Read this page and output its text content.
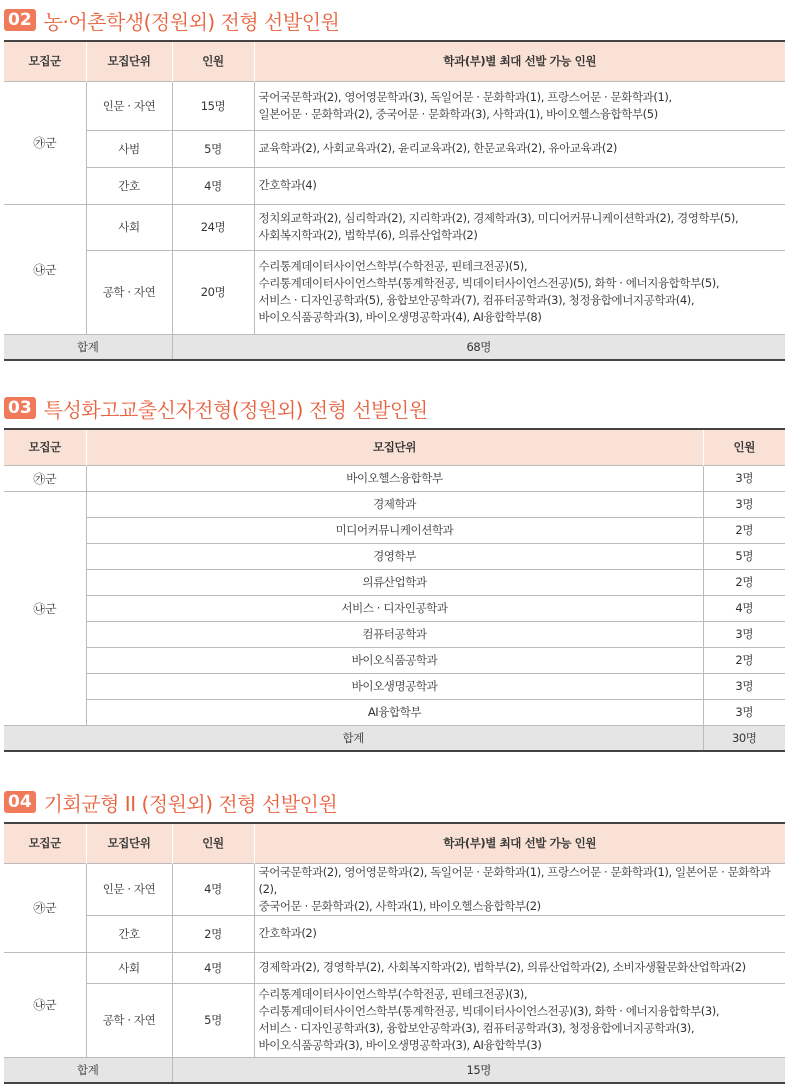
02 농·어촌학생(정원외) 전형 선발인원
모집군	모집단위	인원	학과(부)별 최대 선발 가능 인원
㉮군	인문 · 자연	15명	국어국문학과(2), 영어영문학과(3), 독일어문 · 문화학과(1), 프랑스어문 · 문화학과(1),
일본어문 · 문화학과(2), 중국어문 · 문화학과(3), 사학과(1), 바이오헬스융합학부(5)

	사범	5명	교육학과(2), 사회교육과(2), 윤리교육과(2), 한문교육과(2), 유아교육과(2)

	간호	4명	간호학과(4)

㉯군	사회	24명	정치외교학과(2), 심리학과(2), 지리학과(2), 경제학과(3), 미디어커뮤니케이션학과(2), 경영학부(5),
사회복지학과(2), 법학부(6), 의류산업학과(2)

	공학 · 자연	20명	수리통계데이터사이언스학부(수학전공, 핀테크전공)(5),
수리통계데이터사이언스학부(통계학전공, 빅데이터사이언스전공)(5), 화학 · 에너지융합학부(5),
서비스 · 디자인공학과(5), 융합보안공학과(7), 컴퓨터공학과(3), 청정융합에너지공학과(4),
바이오식품공학과(3), 바이오생명공학과(4), AI융합학부(8)

합계		68명	
03 특성화고교출신자전형(정원외) 전형 선발인원
모집군	모집단위	인원
㉮군	바이오헬스융합학부	3명
㉯군	경제학과	3명
	미디어커뮤니케이션학과	2명
	경영학부	5명
	의류산업학과	2명
	서비스 · 디자인공학과	4명
	컴퓨터공학과	3명
	바이오식품공학과	2명
	바이오생명공학과	3명
	AI융합학부	3명
합계		30명
04 기회균형 II (정원외) 전형 선발인원
모집군	모집단위	인원	학과(부)별 최대 선발 가능 인원
㉮군	인문 · 자연	4명	국어국문학과(2), 영어영문학과(2), 독일어문 · 문화학과(1), 프랑스어문 · 문화학과(1), 일본어문 · 문화학과(2),
중국어문 · 문화학과(2), 사학과(1), 바이오헬스융합학부(2)

	간호	2명	간호학과(2)

㉯군	사회	4명	경제학과(2), 경영학부(2), 사회복지학과(2), 법학부(2), 의류산업학과(2), 소비자생활문화산업학과(2)

	공학 · 자연	5명	수리통계데이터사이언스학부(수학전공, 핀테크전공)(3),
수리통계데이터사이언스학부(통계학전공, 빅데이터사이언스전공)(3), 화학 · 에너지융합학부(3),
서비스 · 디자인공학과(3), 융합보안공학과(3), 컴퓨터공학과(3), 청정융합에너지공학과(3),
바이오식품공학과(3), 바이오생명공학과(3), AI융합학부(3)

합계		15명	
